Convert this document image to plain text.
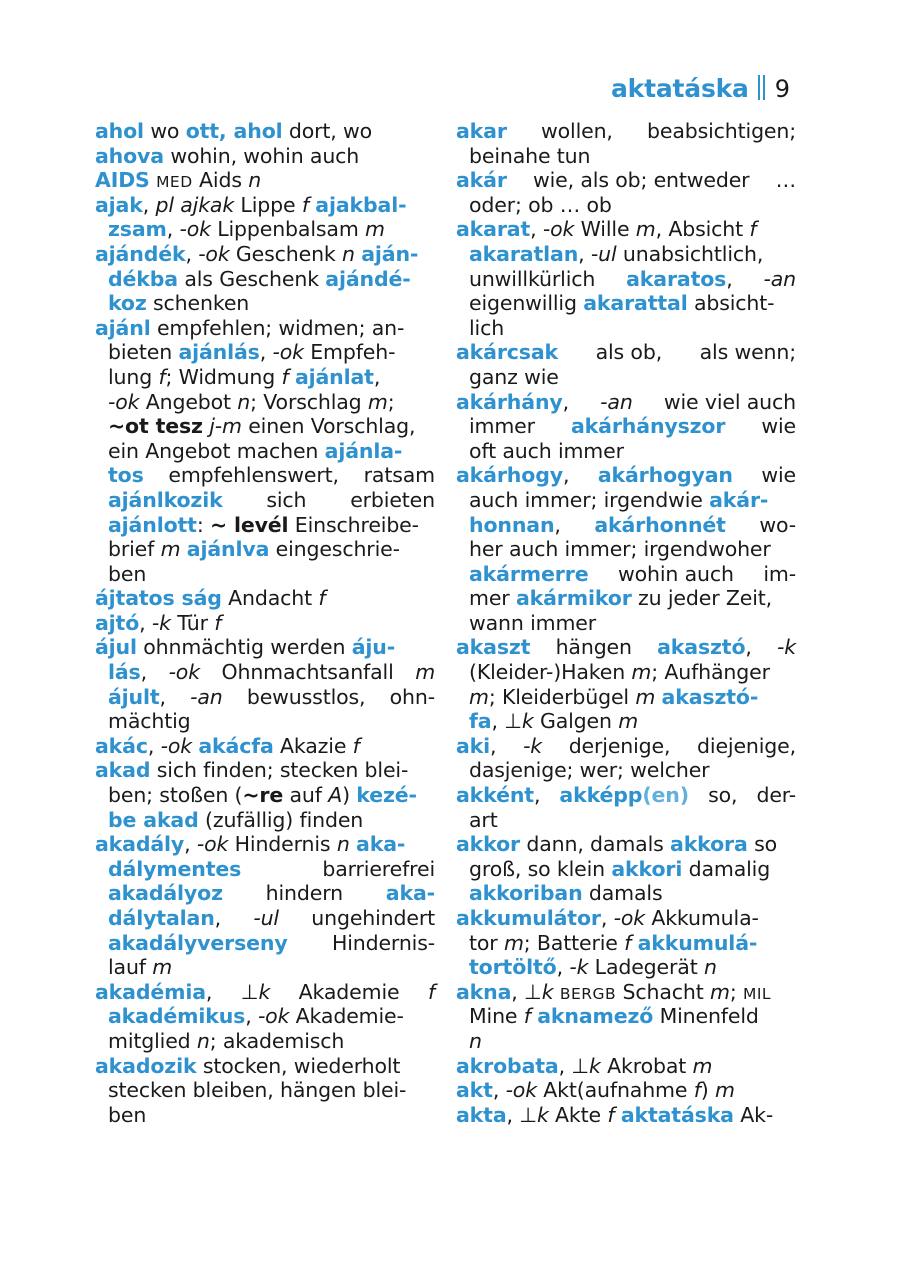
aktatáska 9
ahol wo ott, ahol dort, wo
ahova wohin, wohin auch
AIDS MED Aids n
ajak, pl ajkak Lippe f ajakbal-
zsam, -ok Lippenbalsam m
ajándék, -ok Geschenk n aján-
dékba als Geschenk ajándé-
koz schenken
ajánl empfehlen; widmen; an-
bieten ajánlás, -ok Empfeh-
lung f; Widmung f ajánlat,
-ok Angebot n; Vorschlag m;
~ot tesz j-m einen Vorschlag,
ein Angebot machen ajánla-
tos empfehlenswert, ratsam
ajánlkozik sich erbieten
ajánlott: ~ levél Einschreibe-
brief m ajánlva eingeschrie-
ben
ájtatos ság Andacht f
ajtó, -k Tür f
ájul ohnmächtig werden áju-
lás , -ok Ohnmachtsanfall m
ájult , -an bewusstlos, ohn-
mächtig
akác, -ok akácfa Akazie f
akad sich finden; stecken blei-
ben; stoßen (~re auf A) kezé-
be akad (zufällig) finden
akadály, -ok Hindernis n aka-
dálymentes	barrierefrei
akadályoz hindern aka-
dálytalan , -ul ungehindert
akadályverseny Hindernis-
lauf m
akadémia , ⊥k Akademie f
akadémikus, -ok Akademie-
mitglied n; akademisch
akadozik stocken, wiederholt
stecken bleiben, hängen blei-
ben
akar wollen, beabsichtigen;
beinahe tun
akár wie, als ob; entweder …
oder; ob … ob
akarat, -ok Wille m, Absicht f
akaratlan, -ul unabsichtlich,
unwillkürlich akaratos , -an
eigenwillig akarattal absicht-
lich
akárcsak als ob, als wenn;
ganz wie
akárhány , -an wie viel auch
immer akárhányszor wie
oft auch immer
akárhogy , akárhogyan wie
auch immer; irgendwie akár-
honnan , akárhonnét wo-
her auch immer; irgendwoher
akármerre wohin auch im-
mer akármikor zu jeder Zeit,
wann immer
akaszt hängen akasztó , -k
(Kleider-)Haken m; Aufhänger
m; Kleiderbügel m akasztó-
fa, ⊥k Galgen m
aki , -k derjenige, diejenige,
dasjenige; wer; welcher
akként , akképp (en) so, der-
art
akkor dann, damals akkora so
groß, so klein akkori damalig
akkoriban damals
akkumulátor, -ok Akkumula-
tor m; Batterie f akkumulá-
tortöltő, -k Ladegerät n
akna, ⊥k BERGB Schacht m; MIL
Mine f aknamező Minenfeld
n
akrobata, ⊥k Akrobat m
akt, -ok Akt(aufnahme f) m
akta, ⊥k Akte f aktatáska Ak-
